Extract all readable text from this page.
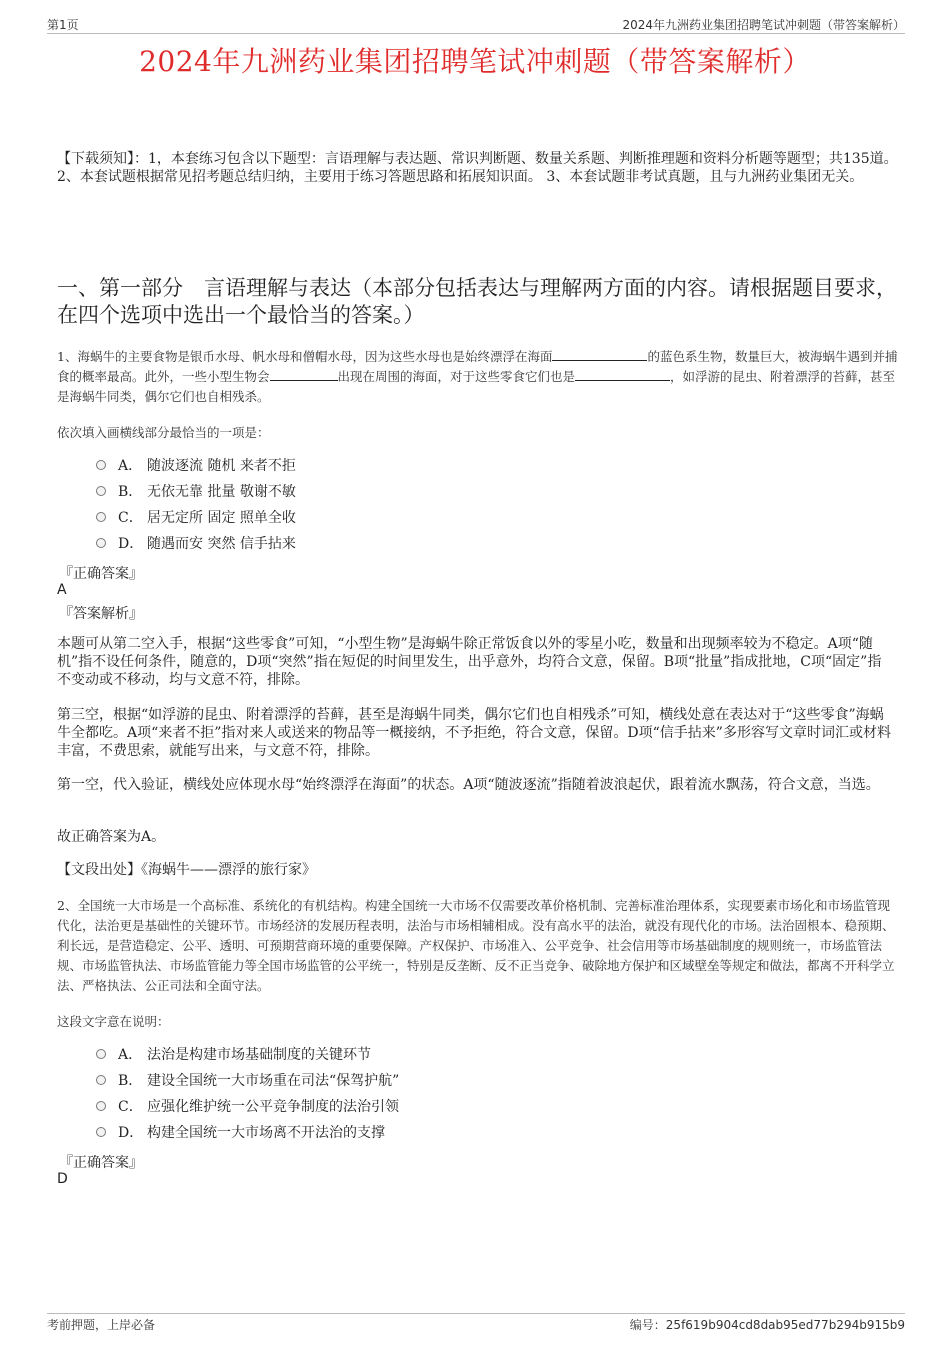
第1页	2024年九洲药业集团招聘笔试冲刺题（带答案解析）
2024年九洲药业集团招聘笔试冲刺题（带答案解析）

【下载须知】：1，本套练习包含以下题型：言语理解与表达题、常识判断题、数量关系题、判断推理题和资料分析题等题型；共135道。 2、本套试题根据常见招考题总结归纳，主要用于练习答题思路和拓展知识面。 3、本套试题非考试真题，且与九洲药业集团无关。

一、第一部分　言语理解与表达（本部分包括表达与理解两方面的内容。请根据题目要求，在四个选项中选出一个最恰当的答案。）

1、海蜗牛的主要食物是银币水母、帆水母和僧帽水母，因为这些水母也是始终漂浮在海面	的蓝色系生物，数量巨大，被海蜗牛遇到并捕食的概率最高。此外，一些小型生物会	出现在周围的海面，对于这些零食它们也是	，如浮游的昆虫、附着漂浮的苔藓，甚至是海蜗牛同类，偶尔它们也自相残杀。

依次填入画横线部分最恰当的一项是：

A． 随波逐流 随机 来者不拒
B． 无依无靠 批量 敬谢不敏
C． 居无定所 固定 照单全收
D． 随遇而安 突然 信手拈来
『正确答案』
A
『答案解析』

本题可从第二空入手，根据“这些零食”可知，“小型生物”是海蜗牛除正常饭食以外的零星小吃，数量和出现频率较为不稳定。A项“随机”指不设任何条件，随意的，D项“突然”指在短促的时间里发生，出乎意外，均符合文意，保留。B项“批量”指成批地，C项“固定”指不变动或不移动，均与文意不符，排除。

第三空，根据“如浮游的昆虫、附着漂浮的苔藓，甚至是海蜗牛同类，偶尔它们也自相残杀”可知，横线处意在表达对于“这些零食”海蜗牛全都吃。A项“来者不拒”指对来人或送来的物品等一概接纳，不予拒绝，符合文意，保留。D项“信手拈来”多形容写文章时词汇或材料丰富，不费思索，就能写出来，与文意不符，排除。

第一空，代入验证，横线处应体现水母“始终漂浮在海面”的状态。A项“随波逐流”指随着波浪起伏，跟着流水飘荡，符合文意，当选。

故正确答案为A。

【文段出处】《海蜗牛——漂浮的旅行家》

2、全国统一大市场是一个高标准、系统化的有机结构。构建全国统一大市场不仅需要改革价格机制、完善标准治理体系，实现要素市场化和市场监管现代化，法治更是基础性的关键环节。市场经济的发展历程表明，法治与市场相辅相成。没有高水平的法治，就没有现代化的市场。法治固根本、稳预期、利长远，是营造稳定、公平、透明、可预期营商环境的重要保障。产权保护、市场准入、公平竞争、社会信用等市场基础制度的规则统一，市场监管法规、市场监管执法、市场监管能力等全国市场监管的公平统一，特别是反垄断、反不正当竞争、破除地方保护和区域壁垒等规定和做法，都离不开科学立法、严格执法、公正司法和全面守法。

这段文字意在说明：

A． 法治是构建市场基础制度的关键环节
B． 建设全国统一大市场重在司法“保驾护航”
C． 应强化维护统一公平竞争制度的法治引领
D． 构建全国统一大市场离不开法治的支撑
『正确答案』
D
考前押题，上岸必备	编号：25f619b904cd8dab95ed77b294b915b9
